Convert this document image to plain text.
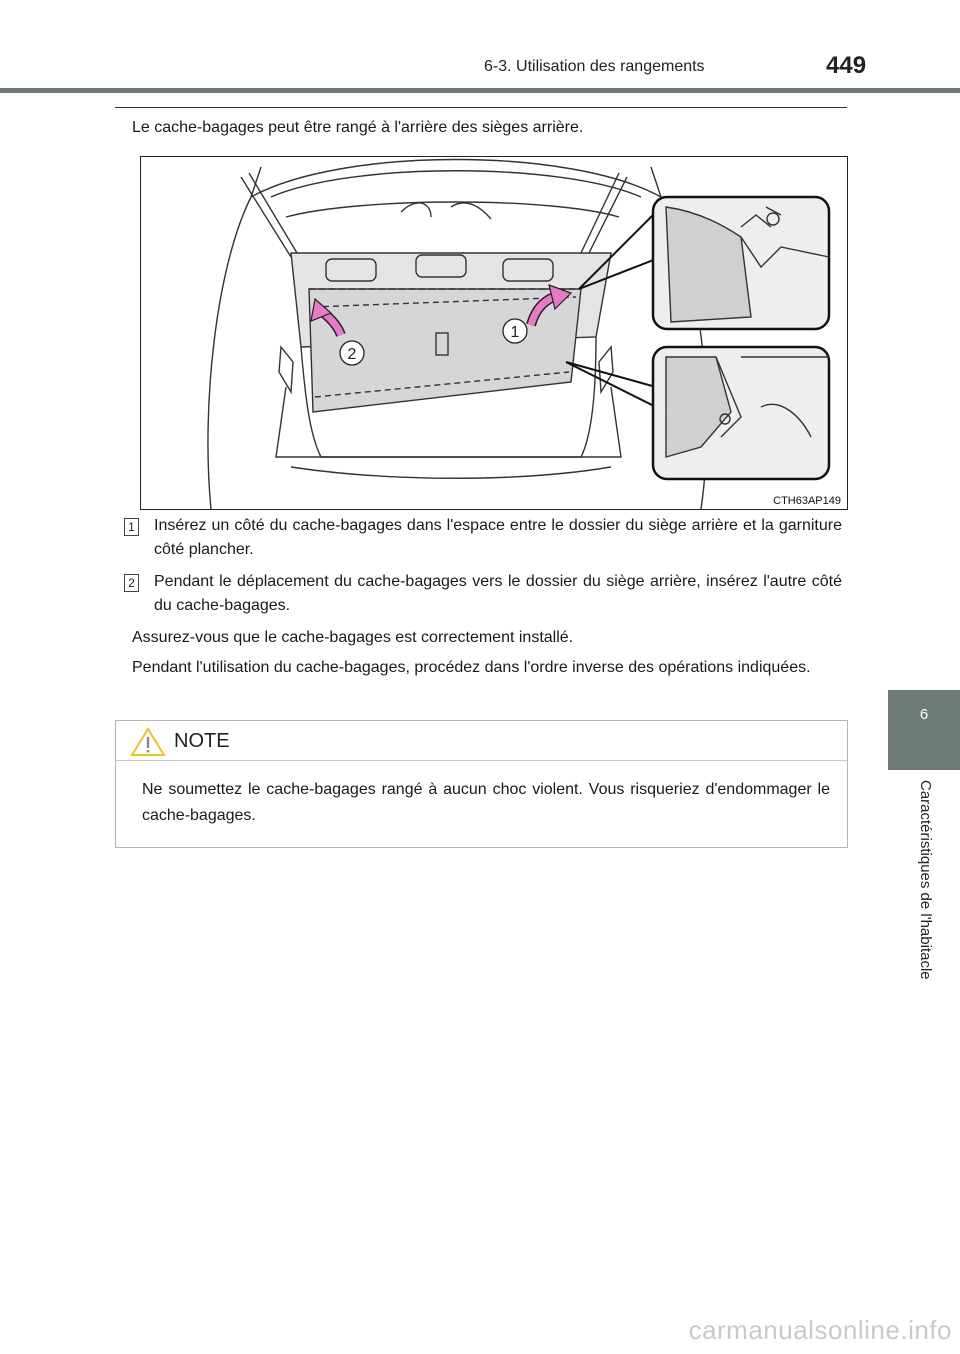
6-3. Utilisation des rangements	449
Le cache-bagages peut être rangé à l'arrière des sièges arrière.
1
2
CTH63AP149
1	Insérez un côté du cache-bagages dans l'espace entre le dossier du siège arrière et la garniture côté plancher.
2	Pendant le déplacement du cache-bagages vers le dossier du siège arrière, insérez l'autre côté du cache-bagages.
Assurez-vous que le cache-bagages est correctement installé.
Pendant l'utilisation du cache-bagages, procédez dans l'ordre inverse des opérations indiquées.
NOTE
Ne soumettez le cache-bagages rangé à aucun choc violent. Vous risqueriez d'endommager le cache-bagages.
6
Caractéristiques de l'habitacle
carmanualsonline.info
